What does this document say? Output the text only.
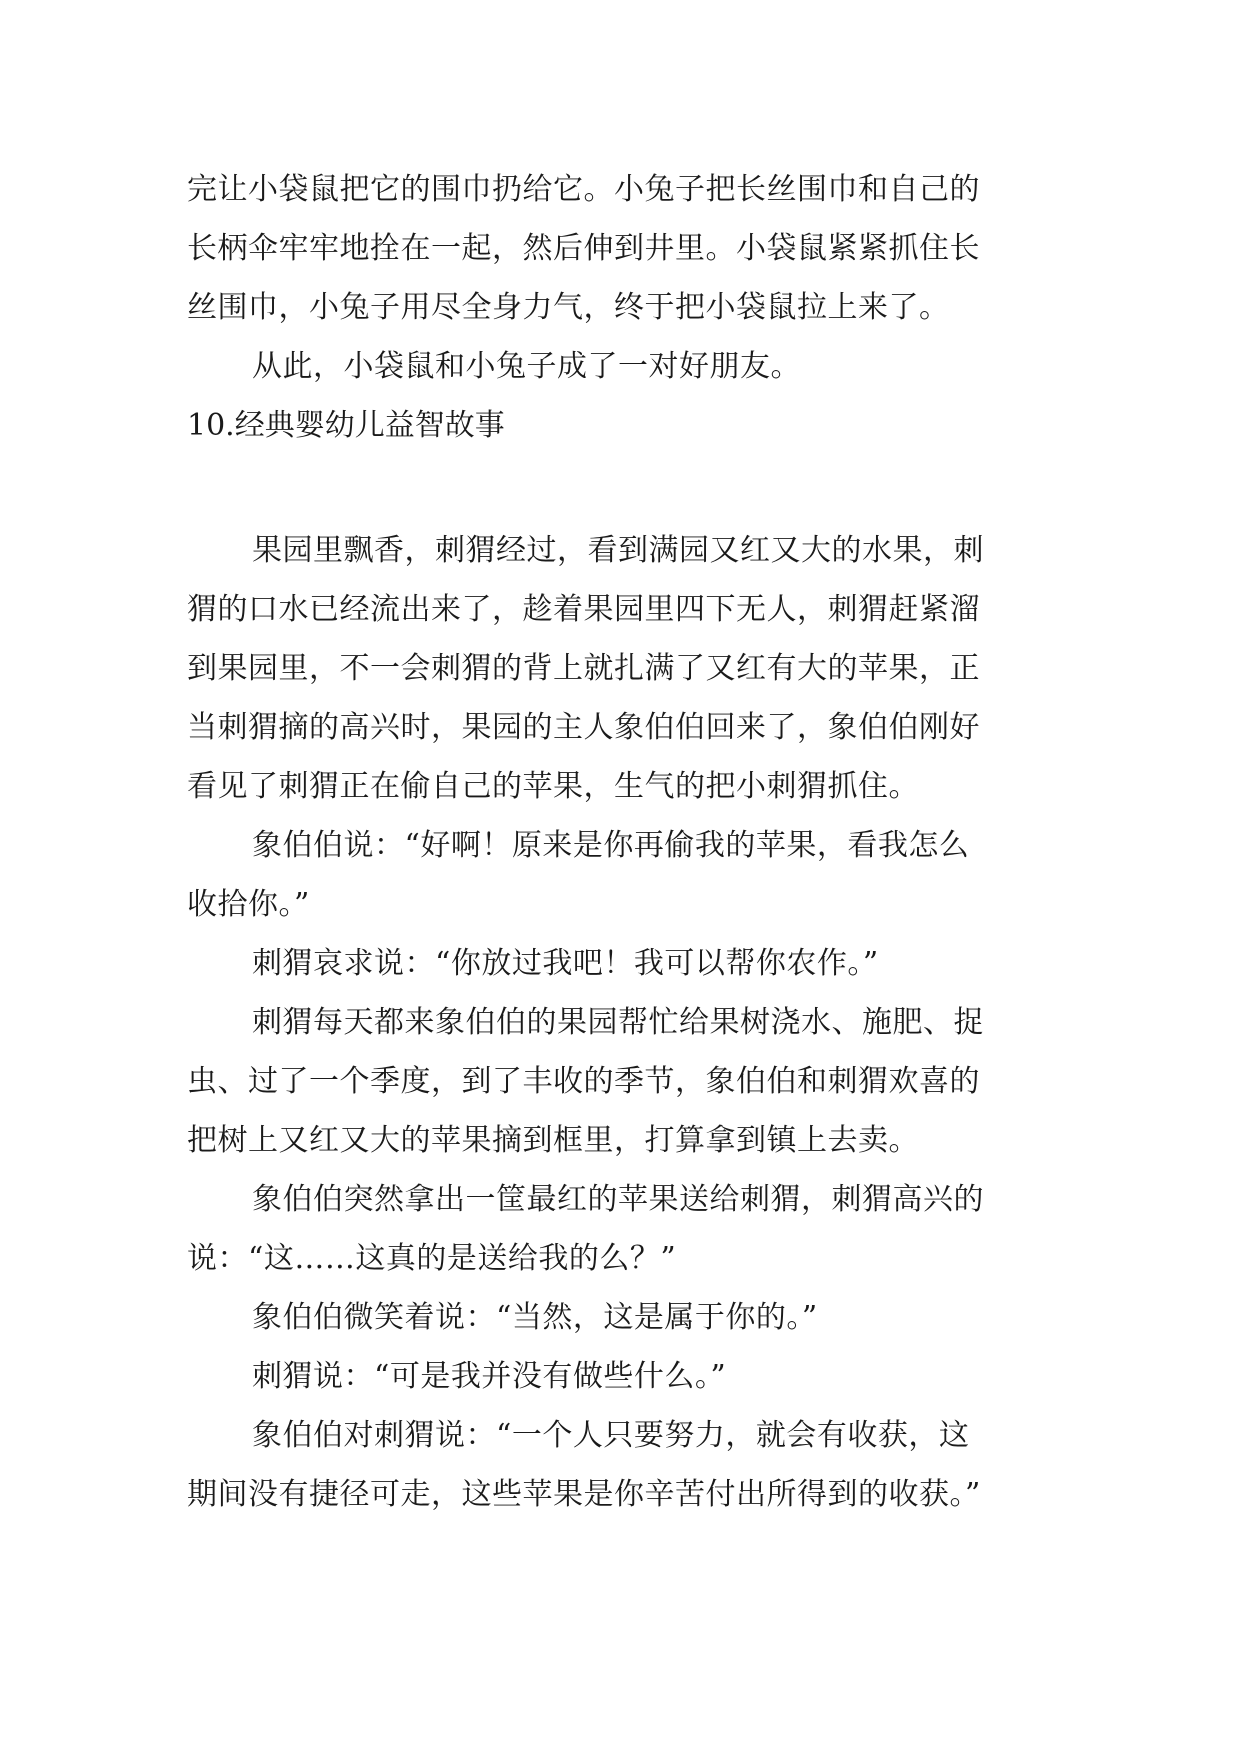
完让小袋鼠把它的围巾扔给它。小兔子把长丝围巾和自己的
长柄伞牢牢地拴在一起，然后伸到井里。小袋鼠紧紧抓住长
丝围巾，小兔子用尽全身力气，终于把小袋鼠拉上来了。
从此，小袋鼠和小兔子成了一对好朋友。
10.经典婴幼儿益智故事
果园里飘香，刺猬经过，看到满园又红又大的水果，刺
猬的口水已经流出来了，趁着果园里四下无人，刺猬赶紧溜
到果园里，不一会刺猬的背上就扎满了又红有大的苹果，正
当刺猬摘的高兴时，果园的主人象伯伯回来了，象伯伯刚好
看见了刺猬正在偷自己的苹果，生气的把小刺猬抓住。
象伯伯说：“好啊！原来是你再偷我的苹果，看我怎么
收拾你。”
刺猬哀求说：“你放过我吧！我可以帮你农作。”
刺猬每天都来象伯伯的果园帮忙给果树浇水、施肥、捉
虫、过了一个季度，到了丰收的季节，象伯伯和刺猬欢喜的
把树上又红又大的苹果摘到框里，打算拿到镇上去卖。
象伯伯突然拿出一筐最红的苹果送给刺猬，刺猬高兴的
说：“这……这真的是送给我的么？”
象伯伯微笑着说：“当然，这是属于你的。”
刺猬说：“可是我并没有做些什么。”
象伯伯对刺猬说：“一个人只要努力，就会有收获，这
期间没有捷径可走，这些苹果是你辛苦付出所得到的收获。”
